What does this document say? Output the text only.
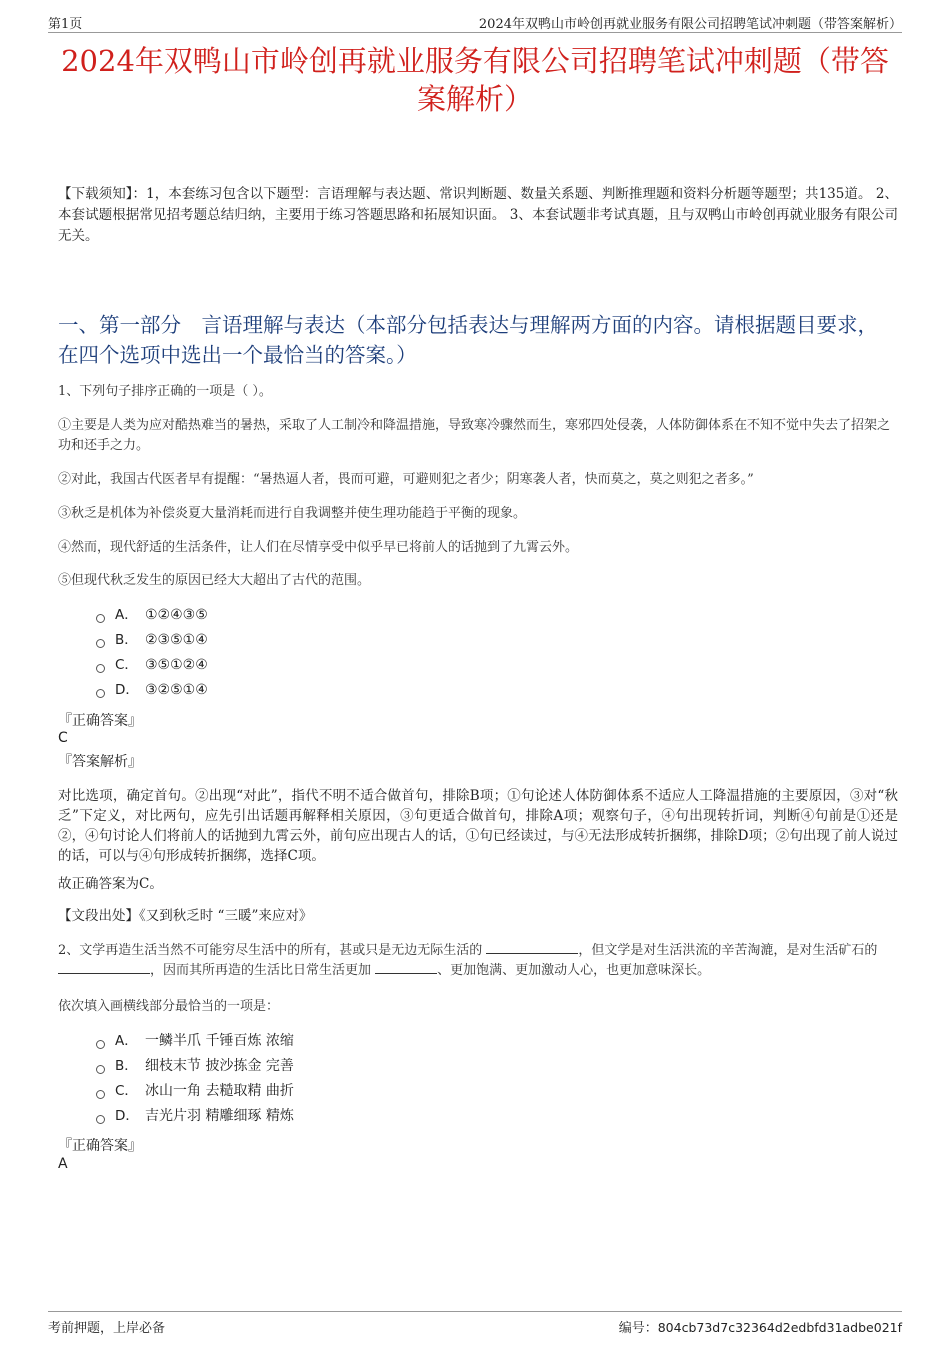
第1页	2024年双鸭山市岭创再就业服务有限公司招聘笔试冲刺题（带答案解析）
2024年双鸭山市岭创再就业服务有限公司招聘笔试冲刺题（带答案解析）
【下载须知】：1，本套练习包含以下题型：言语理解与表达题、常识判断题、数量关系题、判断推理题和资料分析题等题型；共135道。 2、本套试题根据常见招考题总结归纳，主要用于练习答题思路和拓展知识面。 3、本套试题非考试真题，且与双鸭山市岭创再就业服务有限公司无关。
一、第一部分　言语理解与表达（本部分包括表达与理解两方面的内容。请根据题目要求，在四个选项中选出一个最恰当的答案。）
1、下列句子排序正确的一项是（ ）。
①主要是人类为应对酷热难当的暑热，采取了人工制冷和降温措施，导致寒冷骤然而生，寒邪四处侵袭，人体防御体系在不知不觉中失去了招架之功和还手之力。
②对此，我国古代医者早有提醒：“暑热逼人者，畏而可避，可避则犯之者少；阴寒袭人者，快而莫之，莫之则犯之者多。”
③秋乏是机体为补偿炎夏大量消耗而进行自我调整并使生理功能趋于平衡的现象。
④然而，现代舒适的生活条件，让人们在尽情享受中似乎早已将前人的话抛到了九霄云外。
⑤但现代秋乏发生的原因已经大大超出了古代的范围。
A． ①②④③⑤
B． ②③⑤①④
C． ③⑤①②④
D． ③②⑤①④
『正确答案』
C
『答案解析』
对比选项，确定首句。②出现“对此”，指代不明不适合做首句，排除B项；①句论述人体防御体系不适应人工降温措施的主要原因，③对“秋乏”下定义，对比两句，应先引出话题再解释相关原因，③句更适合做首句，排除A项；观察句子，④句出现转折词，判断④句前是①还是②，④句讨论人们将前人的话抛到九霄云外，前句应出现古人的话，①句已经读过，与④无法形成转折捆绑，排除D项；②句出现了前人说过的话，可以与④句形成转折捆绑，选择C项。
故正确答案为C。
【文段出处】《又到秋乏时 “三暖”来应对》
2、文学再造生活当然不可能穷尽生活中的所有，甚或只是无边无际生活的	，但文学是对生活洪流的辛苦淘漉，是对生活矿石的 ，因而其所再造的生活比日常生活更加	、更加饱满、更加激动人心，也更加意味深长。
依次填入画横线部分最恰当的一项是：
A． 一鳞半爪 千锤百炼 浓缩
B． 细枝末节 披沙拣金 完善
C． 冰山一角 去糙取精 曲折
D． 吉光片羽 精雕细琢 精炼
『正确答案』
A
考前押题，上岸必备	编号：804cb73d7c32364d2edbfd31adbe021f
